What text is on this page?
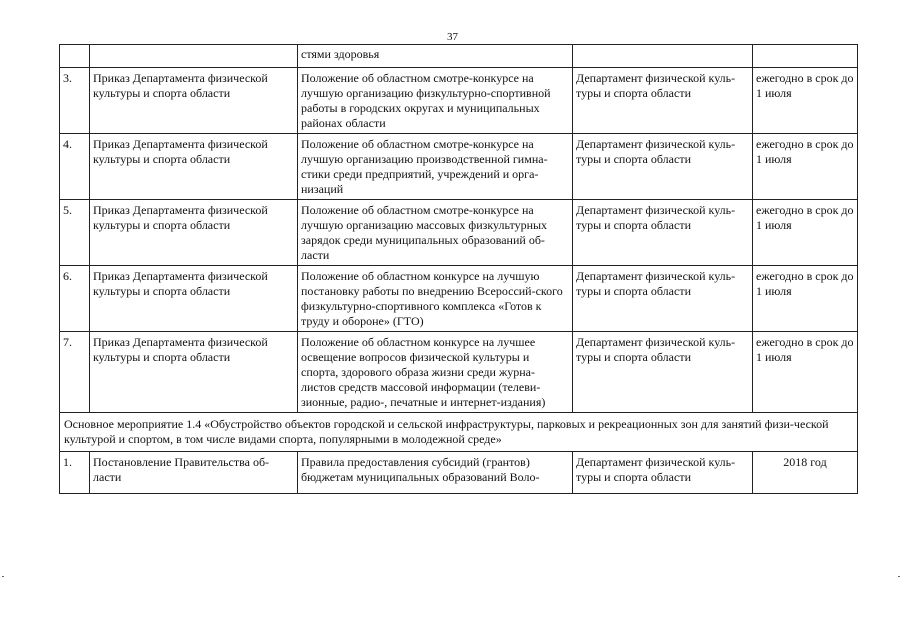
37
		стями здоровья		
3.	Приказ Департамента физической культуры и спорта области	Положение об областном смотре-конкурсе на лучшую организацию физкультурно-спортивной работы в городских округах и муниципальных районах области	Департамент физической куль-туры и спорта области	ежегодно в срок до 1 июля
4.	Приказ Департамента физической культуры и спорта области	Положение об областном смотре-конкурсе на лучшую организацию производственной гимна-стики среди предприятий, учреждений и орга-низаций	Департамент физической куль-туры и спорта области	ежегодно в срок до 1 июля
5.	Приказ Департамента физической культуры и спорта области	Положение об областном смотре-конкурсе на лучшую организацию массовых физкультурных зарядок среди муниципальных образований об-ласти	Департамент физической куль-туры и спорта области	ежегодно в срок до 1 июля
6.	Приказ Департамента физической культуры и спорта области	Положение об областном конкурсе на лучшую постановку работы по внедрению Всероссий-ского физкультурно-спортивного комплекса «Готов к труду и обороне» (ГТО)	Департамент физической куль-туры и спорта области	ежегодно в срок до 1 июля
7.	Приказ Департамента физической культуры и спорта области	Положение об областном конкурсе на лучшее освещение вопросов физической культуры и спорта, здорового образа жизни среди журна-листов средств массовой информации (телеви-зионные, радио-, печатные и интернет-издания)	Департамент физической куль-туры и спорта области	ежегодно в срок до 1 июля
Основное мероприятие 1.4 «Обустройство объектов городской и сельской инфраструктуры, парковых и рекреационных зон для занятий физи-ческой культурой и спортом, в том числе видами спорта, популярными в молодежной среде»				
1.	Постановление Правительства об-ласти	Правила предоставления субсидий (грантов) бюджетам муниципальных образований Воло-	Департамент физической куль-туры и спорта области	2018 год
